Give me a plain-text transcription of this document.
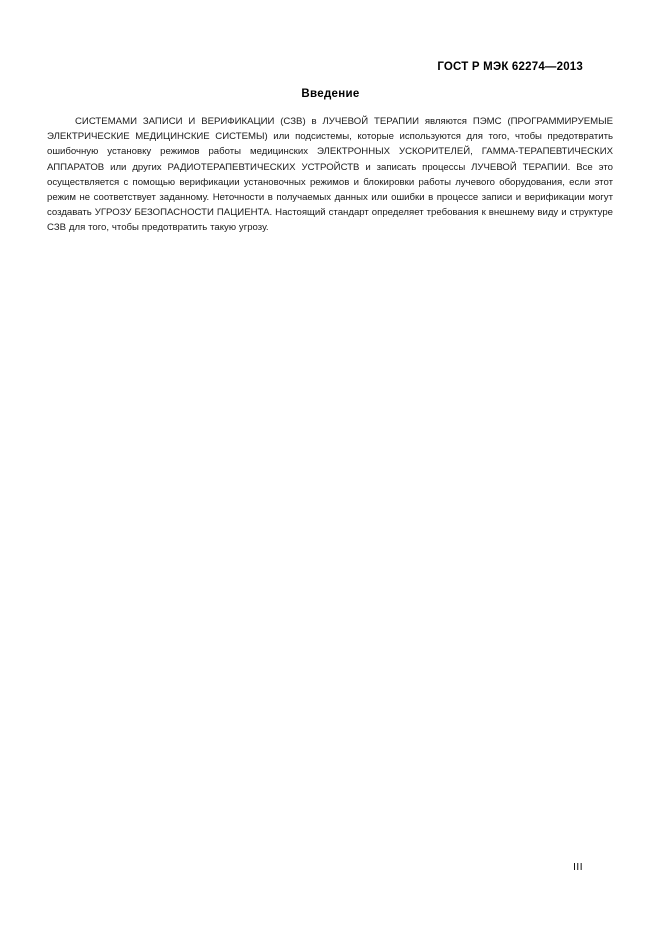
ГОСТ Р МЭК 62274—2013
Введение

СИСТЕМАМИ ЗАПИСИ И ВЕРИФИКАЦИИ (СЗВ) в ЛУЧЕВОЙ ТЕРАПИИ являются ПЭМС (ПРОГРАММИРУЕМЫЕ ЭЛЕКТРИЧЕСКИЕ МЕДИЦИНСКИЕ СИСТЕМЫ) или подсистемы, которые используются для того, чтобы предотвратить ошибочную установку режимов работы медицинских ЭЛЕКТРОННЫХ УСКОРИТЕЛЕЙ, ГАММА-ТЕРАПЕВТИЧЕСКИХ АППАРАТОВ или других РАДИОТЕРАПЕВТИЧЕСКИХ УСТРОЙСТВ и записать процессы ЛУЧЕВОЙ ТЕРАПИИ. Все это осуществляется с помощью верификации установочных режимов и блокировки работы лучевого оборудования, если этот режим не соответствует заданному. Неточности в получаемых данных или ошибки в процессе записи и верификации могут создавать УГРОЗУ БЕЗОПАСНОСТИ ПАЦИЕНТА. Настоящий стандарт определяет требования к внешнему виду и структуре СЗВ для того, чтобы предотвратить такую угрозу.

III
